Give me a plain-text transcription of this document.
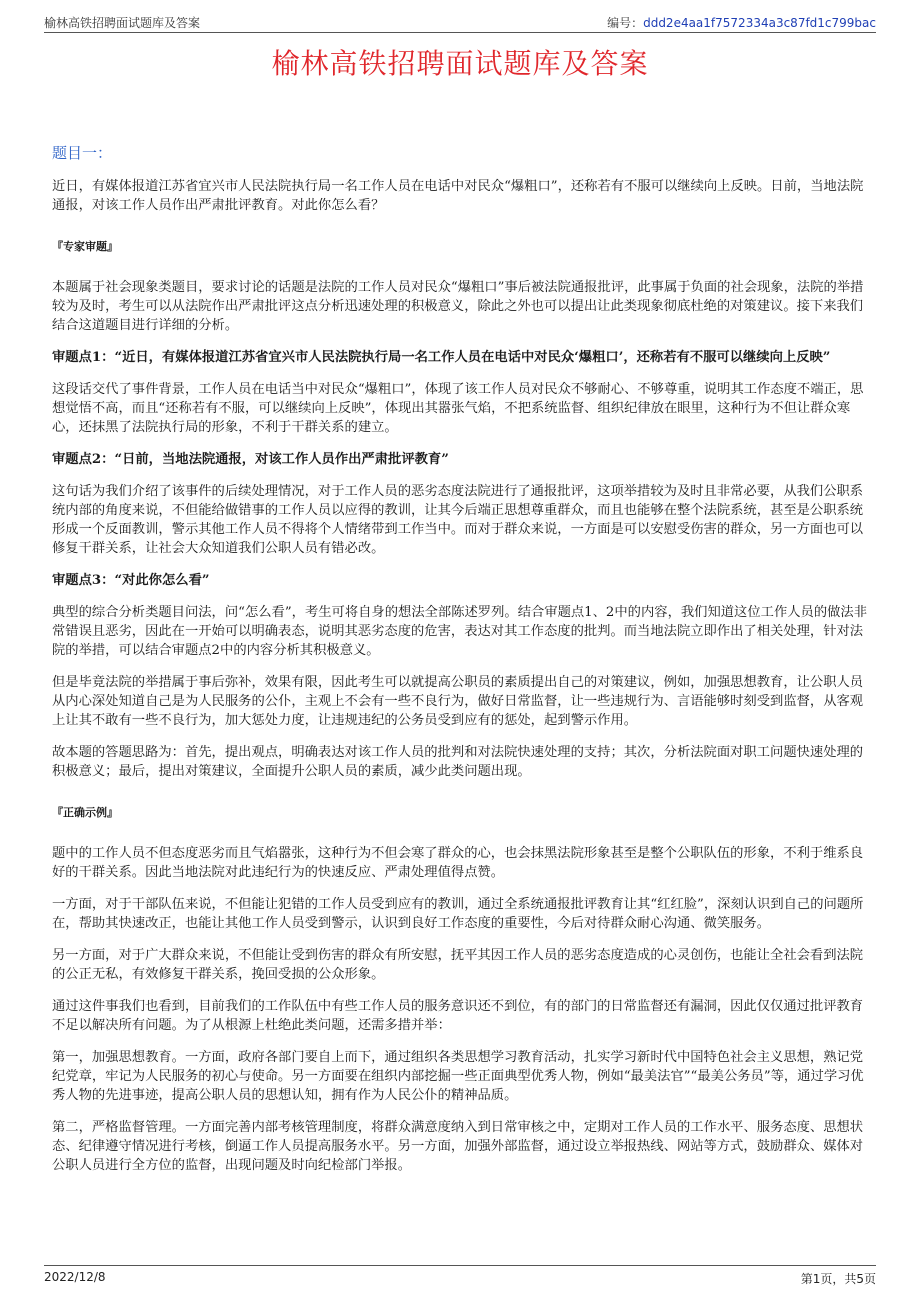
榆林高铁招聘面试题库及答案	编号：ddd2e4aa1f7572334a3c87fd1c799bac
榆林高铁招聘面试题库及答案
题目一：

近日，有媒体报道江苏省宜兴市人民法院执行局一名工作人员在电话中对民众“爆粗口”，还称若有不服可以继续向上反映。日前，当地法院通报，对该工作人员作出严肃批评教育。对此你怎么看？

『专家审题』

本题属于社会现象类题目，要求讨论的话题是法院的工作人员对民众“爆粗口”事后被法院通报批评，此事属于负面的社会现象，法院的举措较为及时，考生可以从法院作出严肃批评这点分析迅速处理的积极意义，除此之外也可以提出让此类现象彻底杜绝的对策建议。接下来我们结合这道题目进行详细的分析。

审题点1：“近日，有媒体报道江苏省宜兴市人民法院执行局一名工作人员在电话中对民众‘爆粗口’，还称若有不服可以继续向上反映”

这段话交代了事件背景，工作人员在电话当中对民众“爆粗口”，体现了该工作人员对民众不够耐心、不够尊重，说明其工作态度不端正，思想觉悟不高，而且“还称若有不服，可以继续向上反映”，体现出其嚣张气焰，不把系统监督、组织纪律放在眼里，这种行为不但让群众寒心，还抹黑了法院执行局的形象，不利于干群关系的建立。

审题点2：“日前，当地法院通报，对该工作人员作出严肃批评教育”

这句话为我们介绍了该事件的后续处理情况，对于工作人员的恶劣态度法院进行了通报批评，这项举措较为及时且非常必要，从我们公职系统内部的角度来说，不但能给做错事的工作人员以应得的教训，让其今后端正思想尊重群众，而且也能够在整个法院系统，甚至是公职系统形成一个反面教训，警示其他工作人员不得将个人情绪带到工作当中。而对于群众来说，一方面是可以安慰受伤害的群众，另一方面也可以修复干群关系，让社会大众知道我们公职人员有错必改。

审题点3：“对此你怎么看”

典型的综合分析类题目问法，问“怎么看”，考生可将自身的想法全部陈述罗列。结合审题点1、2中的内容，我们知道这位工作人员的做法非常错误且恶劣，因此在一开始可以明确表态，说明其恶劣态度的危害，表达对其工作态度的批判。而当地法院立即作出了相关处理，针对法院的举措，可以结合审题点2中的内容分析其积极意义。

但是毕竟法院的举措属于事后弥补，效果有限，因此考生可以就提高公职员的素质提出自己的对策建议，例如，加强思想教育，让公职人员从内心深处知道自己是为人民服务的公仆，主观上不会有一些不良行为，做好日常监督，让一些违规行为、言语能够时刻受到监督，从客观上让其不敢有一些不良行为，加大惩处力度，让违规违纪的公务员受到应有的惩处，起到警示作用。

故本题的答题思路为：首先，提出观点，明确表达对该工作人员的批判和对法院快速处理的支持；其次，分析法院面对职工问题快速处理的积极意义；最后，提出对策建议，全面提升公职人员的素质，减少此类问题出现。

『正确示例』

题中的工作人员不但态度恶劣而且气焰嚣张，这种行为不但会寒了群众的心，也会抹黑法院形象甚至是整个公职队伍的形象，不利于维系良好的干群关系。因此当地法院对此违纪行为的快速反应、严肃处理值得点赞。

一方面，对于干部队伍来说，不但能让犯错的工作人员受到应有的教训，通过全系统通报批评教育让其“红红脸”，深刻认识到自己的问题所在，帮助其快速改正，也能让其他工作人员受到警示，认识到良好工作态度的重要性，今后对待群众耐心沟通、微笑服务。

另一方面，对于广大群众来说，不但能让受到伤害的群众有所安慰，抚平其因工作人员的恶劣态度造成的心灵创伤，也能让全社会看到法院的公正无私，有效修复干群关系，挽回受损的公众形象。

通过这件事我们也看到，目前我们的工作队伍中有些工作人员的服务意识还不到位，有的部门的日常监督还有漏洞，因此仅仅通过批评教育不足以解决所有问题。为了从根源上杜绝此类问题，还需多措并举：

第一，加强思想教育。一方面，政府各部门要自上而下，通过组织各类思想学习教育活动，扎实学习新时代中国特色社会主义思想，熟记党纪党章，牢记为人民服务的初心与使命。另一方面要在组织内部挖掘一些正面典型优秀人物，例如“最美法官”“最美公务员”等，通过学习优秀人物的先进事迹，提高公职人员的思想认知，拥有作为人民公仆的精神品质。

第二，严格监督管理。一方面完善内部考核管理制度，将群众满意度纳入到日常审核之中，定期对工作人员的工作水平、服务态度、思想状态、纪律遵守情况进行考核，倒逼工作人员提高服务水平。另一方面，加强外部监督，通过设立举报热线、网站等方式，鼓励群众、媒体对公职人员进行全方位的监督，出现问题及时向纪检部门举报。

2022/12/8	第1页，共5页
